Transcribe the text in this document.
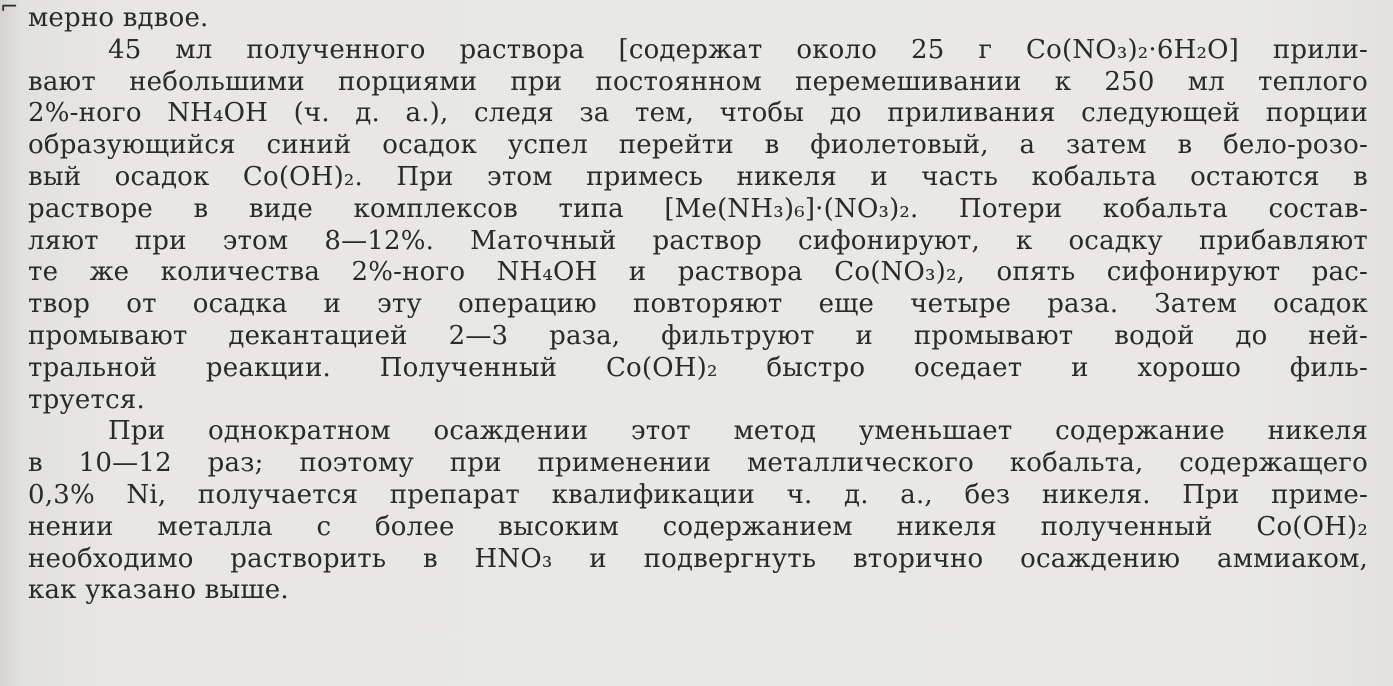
⌐ мерно вдвое.
45 мл полученного раствора [содержат около 25 г Co(NO₃)₂·6H₂O] прили-
вают небольшими порциями при постоянном перемешивании к 250 мл теплого
2%-ного NH₄OH (ч. д. а.), следя за тем, чтобы до приливания следующей порции
образующийся синий осадок успел перейти в фиолетовый, а затем в бело-розо-
вый осадок Co(OH)₂. При этом примесь никеля и часть кобальта остаются в
растворе в виде комплексов типа [Me(NH₃)₆]·(NO₃)₂. Потери кобальта состав-
ляют при этом 8—12%. Маточный раствор сифонируют, к осадку прибавляют
те же количества 2%-ного NH₄OH и раствора Co(NO₃)₂, опять сифонируют рас-
твор от осадка и эту операцию повторяют еще четыре раза. Затем осадок
промывают декантацией 2—3 раза, фильтруют и промывают водой до ней-
тральной реакции. Полученный Co(OH)₂ быстро оседает и хорошо филь-
труется.
При однократном осаждении этот метод уменьшает содержание никеля
в 10—12 раз; поэтому при применении металлического кобальта, содержащего
0,3% Ni, получается препарат квалификации ч. д. а., без никеля. При приме-
нении металла с более высоким содержанием никеля полученный Co(OH)₂
необходимо растворить в HNO₃ и подвергнуть вторично осаждению аммиаком,
как указано выше.
